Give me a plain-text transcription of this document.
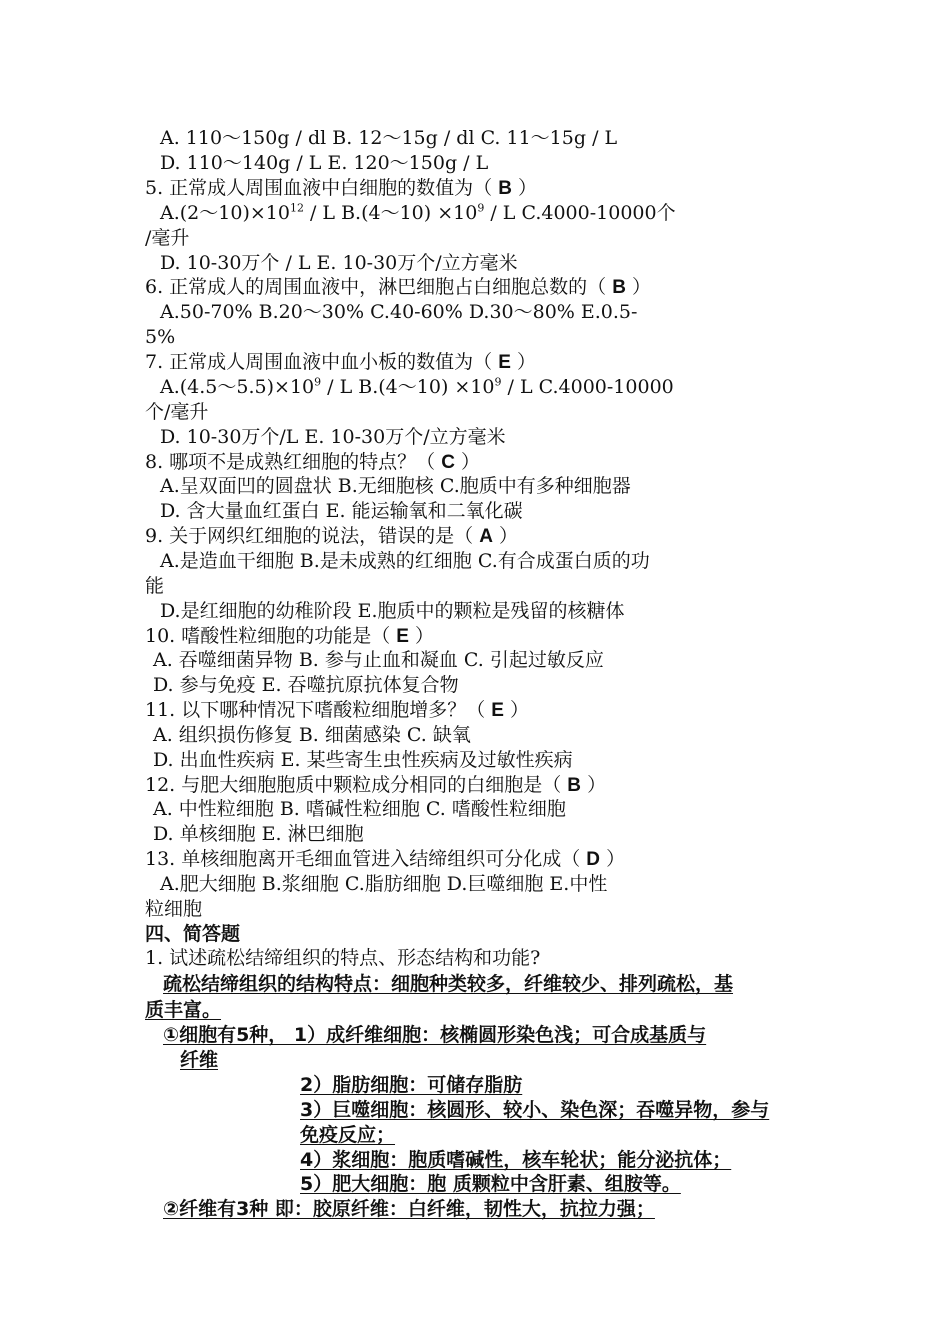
A. 110～150g / dl B. 12～15g / dl C. 11～15g / L
D. 110～140g / L E. 120～150g / L
5. 正常成人周围血液中白细胞的数值为（ B ）
$A.(2\sim 10)\times 10^{12} / L$ B.(4～10) $\times 10^9 / L$ C.4000-10000个
/毫升
D. 10-30万个 / L E. 10-30万个/立方毫米
6. 正常成人的周围血液中，淋巴细胞占白细胞总数的（ B ）
A.50-70% B.20～30% C.40-60% D.30～80% E.0.5-
5%
7. 正常成人周围血液中血小板的数值为（ E ）
$A.(4.5\sim 5.5)\times 10^9 / L$ B.(4～10) $\times 10^9 / L$ C.4000-10000
个/毫升
D. 10-30万个/L E. 10-30万个/立方毫米
8. 哪项不是成熟红细胞的特点？（ C ）
A.呈双面凹的圆盘状 B.无细胞核 C.胞质中有多种细胞器
D. 含大量血红蛋白 E. 能运输氧和二氧化碳
9. 关于网织红细胞的说法，错误的是（ A ）
A.是造血干细胞 B.是未成熟的红细胞 C.有合成蛋白质的功
能
D.是红细胞的幼稚阶段 E.胞质中的颗粒是残留的核糖体
10. 嗜酸性粒细胞的功能是（ E ）
A. 吞噬细菌异物 B. 参与止血和凝血 C. 引起过敏反应
D. 参与免疫 E. 吞噬抗原抗体复合物
11. 以下哪种情况下嗜酸粒细胞增多？（ E ）
A. 组织损伤修复 B. 细菌感染 C. 缺氧
D. 出血性疾病 E. 某些寄生虫性疾病及过敏性疾病
12. 与肥大细胞胞质中颗粒成分相同的白细胞是（ B ）
A. 中性粒细胞 B. 嗜碱性粒细胞 C. 嗜酸性粒细胞
D. 单核细胞 E. 淋巴细胞
13. 单核细胞离开毛细血管进入结缔组织可分化成（ D ）
A.肥大细胞 B.浆细胞 C.脂肪细胞 D.巨噬细胞 E.中性
粒细胞
四、简答题
1. 试述疏松结缔组织的特点、形态结构和功能?
疏松结缔组织的结构特点：细胞种类较多，纤维较少、排列疏松，基
质丰富。
①细胞有5种， 1）成纤维细胞：核椭圆形染色浅；可合成基质与
纤维
2）脂肪细胞：可储存脂肪
3）巨噬细胞：核圆形、较小、染色深；吞噬异物，参与
免疫反应；
4）浆细胞：胞质嗜碱性，核车轮状；能分泌抗体；
5）肥大细胞：胞 质颗粒中含肝素、组胺等。
②纤维有3种 即：胶原纤维：白纤维，韧性大，抗拉力强；
